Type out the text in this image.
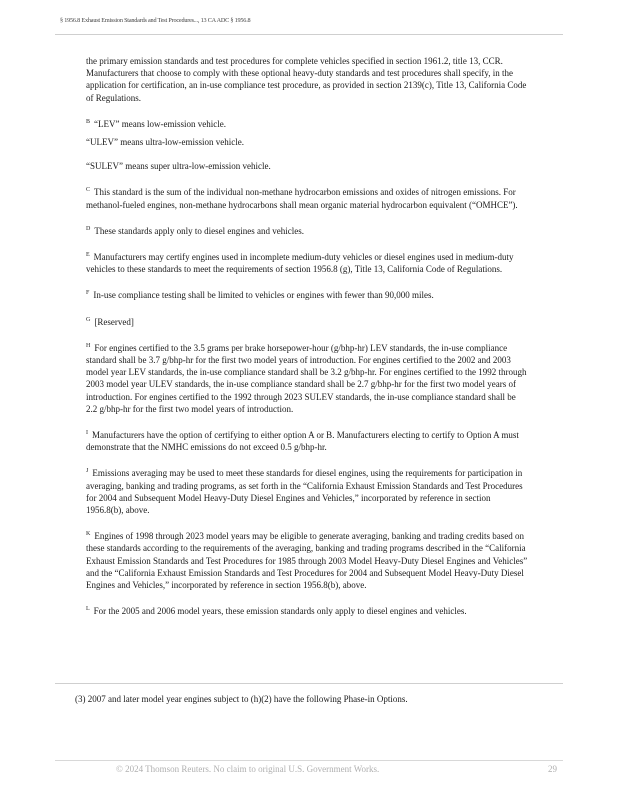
§ 1956.8 Exhaust Emission Standards and Test Procedures..., 13 CA ADC § 1956.8

the primary emission standards and test procedures for complete vehicles specified in section 1961.2, title 13, CCR. Manufacturers that choose to comply with these optional heavy-duty standards and test procedures shall specify, in the application for certification, an in-use compliance test procedure, as provided in section 2139(c), Title 13, California Code of Regulations.

$^B$ “LEV” means low-emission vehicle.

“ULEV” means ultra-low-emission vehicle.

“SULEV” means super ultra-low-emission vehicle.

$^C$ This standard is the sum of the individual non-methane hydrocarbon emissions and oxides of nitrogen emissions. For methanol-fueled engines, non-methane hydrocarbons shall mean organic material hydrocarbon equivalent (“OMHCE”).

$^D$ These standards apply only to diesel engines and vehicles.

$^E$ Manufacturers may certify engines used in incomplete medium-duty vehicles or diesel engines used in medium-duty vehicles to these standards to meet the requirements of section 1956.8 (g), Title 13, California Code of Regulations.

$^F$ In-use compliance testing shall be limited to vehicles or engines with fewer than 90,000 miles.

$^G$ [Reserved]

$^H$ For engines certified to the 3.5 grams per brake horsepower-hour (g/bhp-hr) LEV standards, the in-use compliance standard shall be 3.7 g/bhp-hr for the first two model years of introduction. For engines certified to the 2002 and 2003 model year LEV standards, the in-use compliance standard shall be 3.2 g/bhp-hr. For engines certified to the 1992 through 2003 model year ULEV standards, the in-use compliance standard shall be 2.7 g/bhp-hr for the first two model years of introduction. For engines certified to the 1992 through 2023 SULEV standards, the in-use compliance standard shall be 2.2 g/bhp-hr for the first two model years of introduction.

$^I$ Manufacturers have the option of certifying to either option A or B. Manufacturers electing to certify to Option A must demonstrate that the NMHC emissions do not exceed 0.5 g/bhp-hr.

$^J$ Emissions averaging may be used to meet these standards for diesel engines, using the requirements for participation in averaging, banking and trading programs, as set forth in the “California Exhaust Emission Standards and Test Procedures for 2004 and Subsequent Model Heavy-Duty Diesel Engines and Vehicles,” incorporated by reference in section 1956.8(b), above.

$^K$ Engines of 1998 through 2023 model years may be eligible to generate averaging, banking and trading credits based on these standards according to the requirements of the averaging, banking and trading programs described in the “California Exhaust Emission Standards and Test Procedures for 1985 through 2003 Model Heavy-Duty Diesel Engines and Vehicles” and the “California Exhaust Emission Standards and Test Procedures for 2004 and Subsequent Model Heavy-Duty Diesel Engines and Vehicles,” incorporated by reference in section 1956.8(b), above.

$^L$ For the 2005 and 2006 model years, these emission standards only apply to diesel engines and vehicles.

(3) 2007 and later model year engines subject to (h)(2) have the following Phase-in Options.
© 2024 Thomson Reuters. No claim to original U.S. Government Works.	29
